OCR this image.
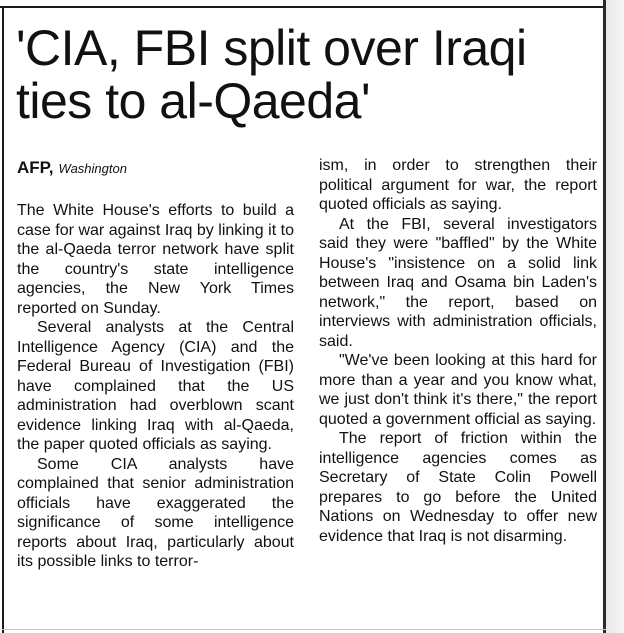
'CIA, FBI split over Iraqi
ties to al-Qaeda'

AFP, Washington

The White House's efforts to build a case for war against Iraq by linking it to the al-Qaeda terror network have split the country's state intelligence agencies, the New York Times reported on Sunday.

Several analysts at the Central Intelligence Agency (CIA) and the Federal Bureau of Investigation (FBI) have complained that the US administration had overblown scant evidence linking Iraq with al-Qaeda, the paper quoted officials as saying.

Some CIA analysts have complained that senior administration officials have exaggerated the significance of some intelligence reports about Iraq, particularly about its possible links to terror-

ism, in order to strengthen their political argument for war, the report quoted officials as saying.

At the FBI, several investigators said they were "baffled" by the White House's "insistence on a solid link between Iraq and Osama bin Laden's network," the report, based on interviews with administration officials, said.

"We've been looking at this hard for more than a year and you know what, we just don't think it's there," the report quoted a government official as saying.

The report of friction within the intelligence agencies comes as Secretary of State Colin Powell prepares to go before the United Nations on Wednesday to offer new evidence that Iraq is not disarming.
